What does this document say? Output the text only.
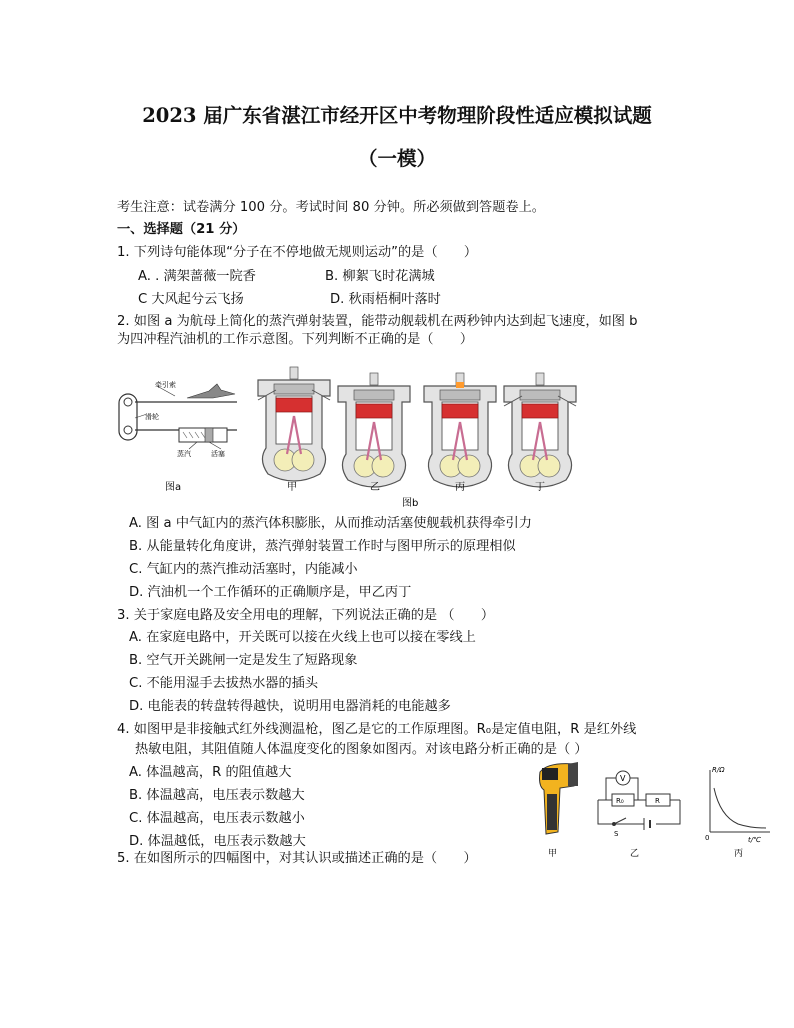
2023 届广东省湛江市经开区中考物理阶段性适应模拟试题
（一模）
考生注意：试卷满分 100 分。考试时间 80 分钟。所必须做到答题卷上。
一、选择题（21 分）
1. 下列诗句能体现“分子在不停地做无规则运动”的是（　　）
A. . 满架蔷薇一院香	B. 柳絮飞时花满城
C 大风起兮云飞扬	D. 秋雨梧桐叶落时
2. 如图 a 为航母上简化的蒸汽弹射装置，能带动舰载机在两秒钟内达到起飞速度，如图 b
为四冲程汽油机的工作示意图。下列判断不正确的是（　　）
牵引索
滑轮
蒸汽	活塞
图a	甲	乙	丙	丁
图b
A. 图 a 中气缸内的蒸汽体积膨胀，从而推动活塞使舰载机获得牵引力
B. 从能量转化角度讲，蒸汽弹射装置工作时与图甲所示的原理相似
C. 气缸内的蒸汽推动活塞时，内能减小
D. 汽油机一个工作循环的正确顺序是，甲乙丙丁
3. 关于家庭电路及安全用电的理解，下列说法正确的是 （　　）
A. 在家庭电路中，开关既可以接在火线上也可以接在零线上
B. 空气开关跳闸一定是发生了短路现象
C. 不能用湿手去拔热水器的插头
D. 电能表的转盘转得越快，说明用电器消耗的电能越多
4. 如图甲是非接触式红外线测温枪，图乙是它的工作原理图。R₀是定值电阻，R 是红外线
热敏电阻，其阻值随人体温度变化的图象如图丙。对该电路分析正确的是（ ）
A. 体温越高，R 的阻值越大
B. 体温越高，电压表示数越大
C. 体温越高，电压表示数越小
D. 体温越低，电压表示数越大
V
R₀	R
S
R/Ω
t/℃
0
甲	乙	丙
5. 在如图所示的四幅图中，对其认识或描述正确的是（　　）
